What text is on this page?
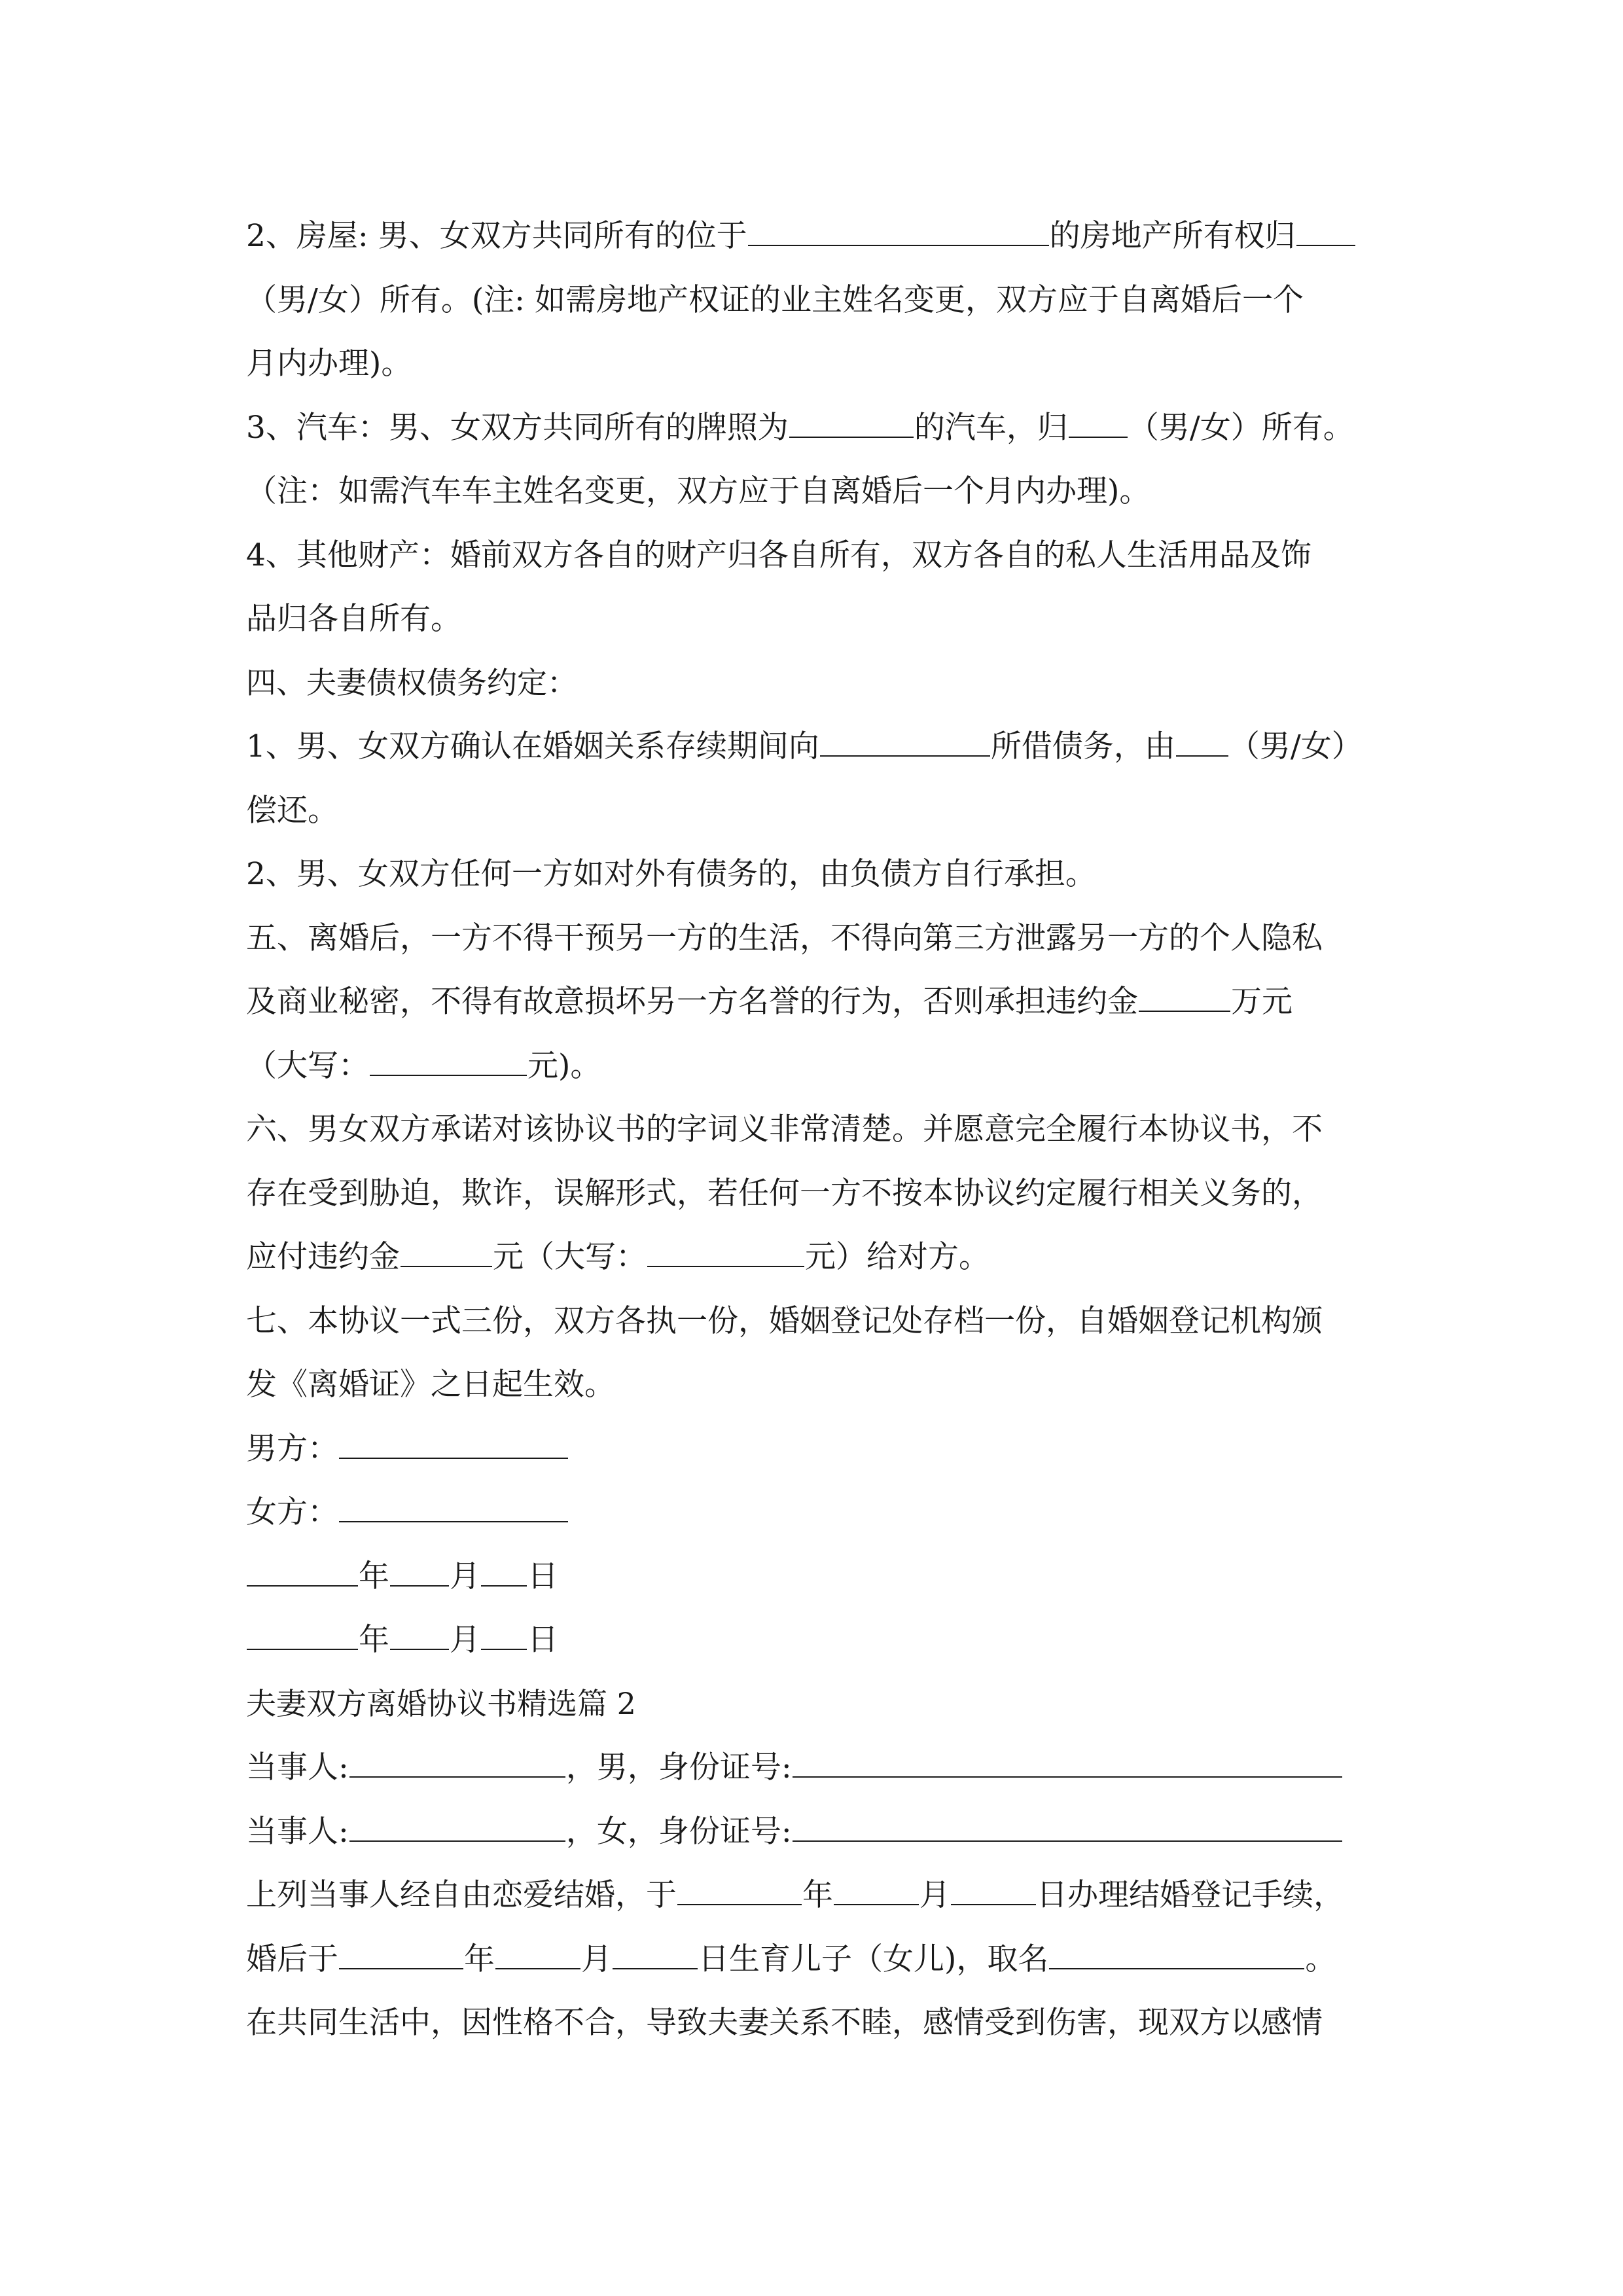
2、房屋: 男、女双方共同所有的位于	的房地产所有权归
（男/女）所有。(注: 如需房地产权证的业主姓名变更，双方应于自离婚后一个
月内办理)。
3、汽车：男、女双方共同所有的牌照为	的汽车，归 （男/女）所有。
（注：如需汽车车主姓名变更，双方应于自离婚后一个月内办理)。
4、其他财产：婚前双方各自的财产归各自所有，双方各自的私人生活用品及饰
品归各自所有。
四、夫妻债权债务约定：
1、男、女双方确认在婚姻关系存续期间向	所借债务，由 （男/女）
偿还。
2、男、女双方任何一方如对外有债务的，由负债方自行承担。
五、离婚后，一方不得干预另一方的生活，不得向第三方泄露另一方的个人隐私
及商业秘密，不得有故意损坏另一方名誉的行为，否则承担违约金	万元
（大写：	元)。
六、男女双方承诺对该协议书的字词义非常清楚。并愿意完全履行本协议书，不
存在受到胁迫，欺诈，误解形式，若任何一方不按本协议约定履行相关义务的，
应付违约金	元（大写：	元）给对方。
七、本协议一式三份，双方各执一份，婚姻登记处存档一份，自婚姻登记机构颁
发《离婚证》之日起生效。
男方：
女方：
年 月 日
年 月 日
夫妻双方离婚协议书精选篇 2
当事人:	，男，身份证号:
当事人:	，女，身份证号:
上列当事人经自由恋爱结婚，于	年	月	日办理结婚登记手续，
婚后于	年	月	日生育儿子（女儿)，取名	。
在共同生活中，因性格不合，导致夫妻关系不睦，感情受到伤害，现双方以感情
